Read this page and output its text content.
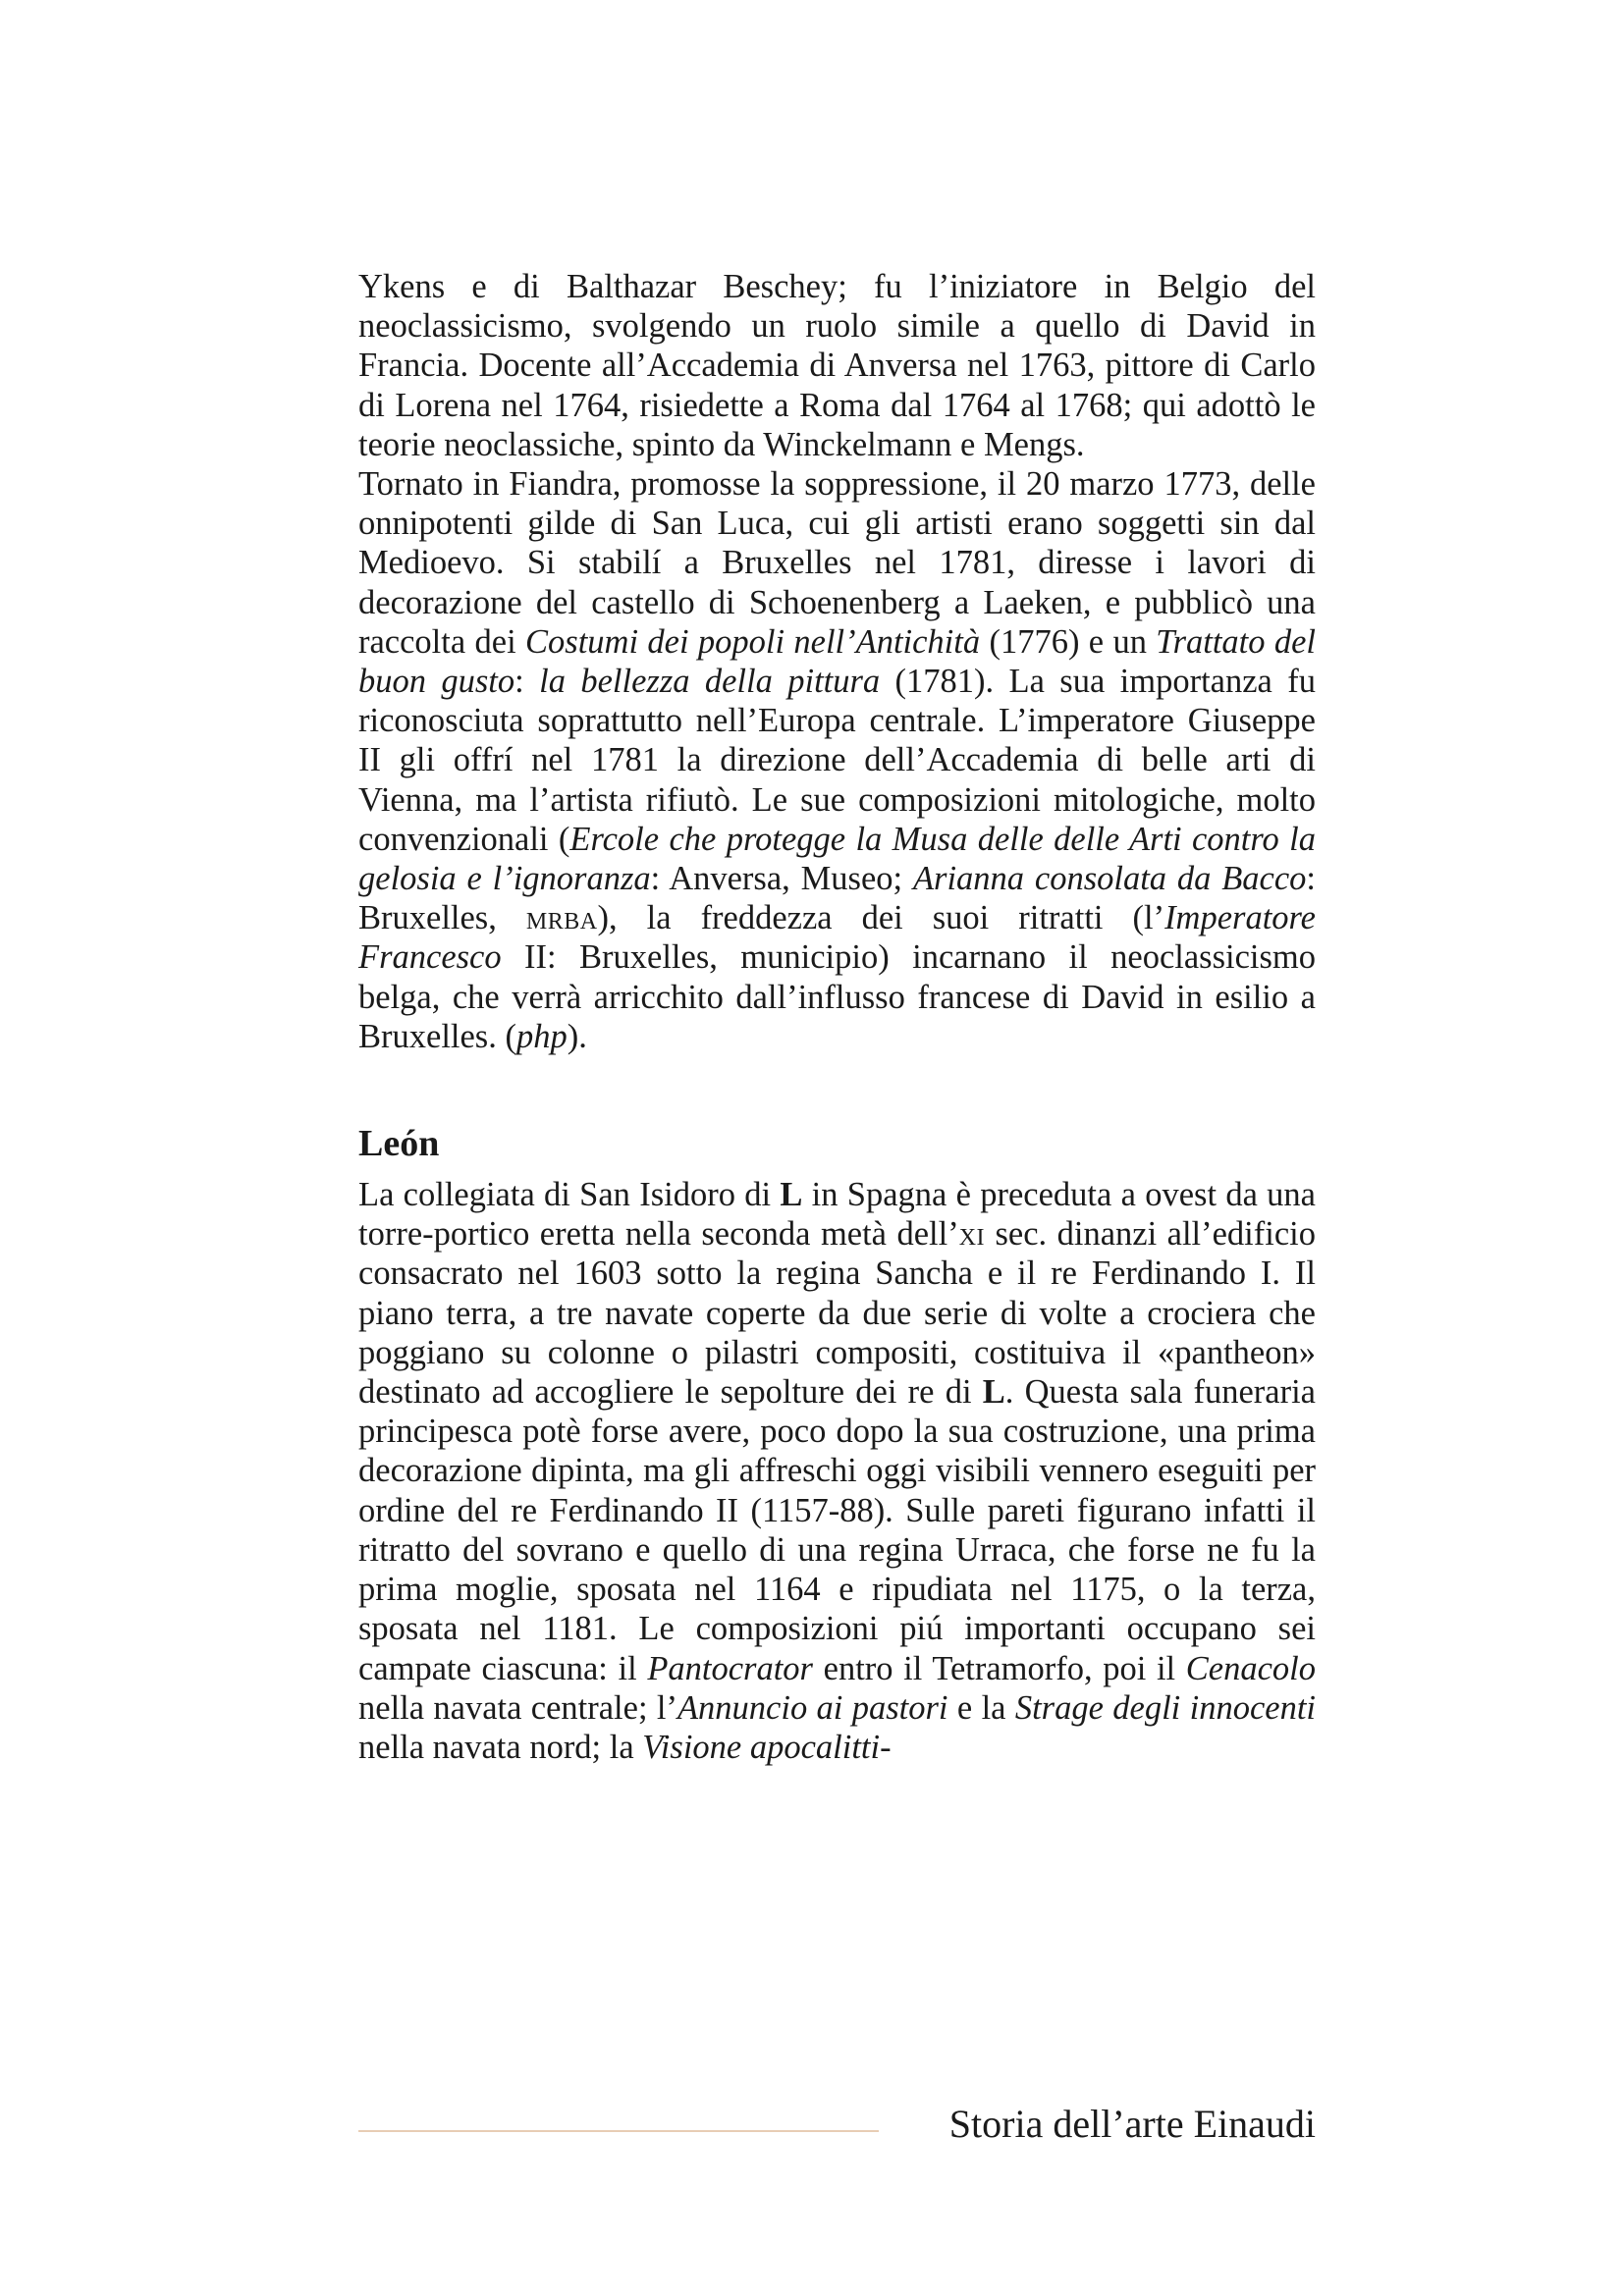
Ykens e di Balthazar Beschey; fu l’iniziatore in Belgio del neoclassicismo, svolgendo un ruolo simile a quello di David in Francia. Docente all’Accademia di Anversa nel 1763, pittore di Carlo di Lorena nel 1764, risiedette a Roma dal 1764 al 1768; qui adottò le teorie neoclassiche, spinto da Winckelmann e Mengs.

Tornato in Fiandra, promosse la soppressione, il 20 marzo 1773, delle onnipotenti gilde di San Luca, cui gli artisti erano soggetti sin dal Medioevo. Si stabilí a Bruxelles nel 1781, diresse i lavori di decorazione del castello di Schoenenberg a Laeken, e pubblicò una raccolta dei Costumi dei popoli nell’Antichità (1776) e un Trattato del buon gusto: la bellezza della pittura (1781). La sua importanza fu riconosciuta soprattutto nell’Europa centrale. L’imperatore Giuseppe II gli offrí nel 1781 la direzione dell’Accademia di belle arti di Vienna, ma l’artista rifiutò. Le sue composizioni mitologiche, molto convenzionali (Ercole che protegge la Musa delle delle Arti contro la gelosia e l’ignoranza: Anversa, Museo; Arianna consolata da Bacco: Bruxelles, mrba), la freddezza dei suoi ritratti (l’Imperatore Francesco II: Bruxelles, municipio) incarnano il neoclassicismo belga, che verrà arricchito dall’influsso francese di David in esilio a Bruxelles. (php).

León

La collegiata di San Isidoro di L in Spagna è preceduta a ovest da una torre-portico eretta nella seconda metà dell’xi sec. dinanzi all’edificio consacrato nel 1603 sotto la regina Sancha e il re Ferdinando I. Il piano terra, a tre navate coperte da due serie di volte a crociera che poggiano su colonne o pilastri compositi, costituiva il «pantheon» destinato ad accogliere le sepolture dei re di L. Questa sala funeraria principesca potè forse avere, poco dopo la sua costruzione, una prima decorazione dipinta, ma gli affreschi oggi visibili vennero eseguiti per ordine del re Ferdinando II (1157-88). Sulle pareti figurano infatti il ritratto del sovrano e quello di una regina Urraca, che forse ne fu la prima moglie, sposata nel 1164 e ripudiata nel 1175, o la terza, sposata nel 1181. Le composizioni piú importanti occupano sei campate ciascuna: il Pantocrator entro il Tetramorfo, poi il Cenacolo nella navata centrale; l’Annuncio ai pastori e la Strage degli innocenti nella navata nord; la Visione apocalitti-

Storia dell’arte Einaudi
